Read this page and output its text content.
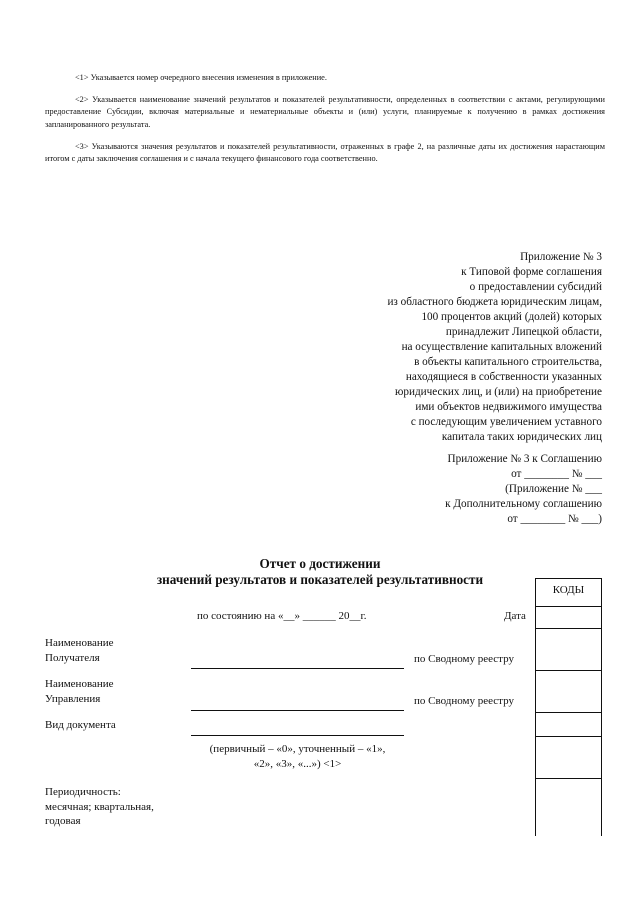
<1> Указывается номер очередного внесения изменения в приложение.

<2> Указывается наименование значений результатов и показателей результативности, определенных в соответствии с актами, регулирующими предоставление Субсидии, включая материальные и нематериальные объекты и (или) услуги, планируемые к получению в рамках достижения запланированного результата.

<3> Указываются значения результатов и показателей результативности, отраженных в графе 2, на различные даты их достижения нарастающим итогом с даты заключения соглашения и с начала текущего финансового года соответственно.

Приложение № 3
к Типовой форме соглашения
о предоставлении субсидий
из областного бюджета юридическим лицам,
100 процентов акций (долей) которых
принадлежит Липецкой области,
на осуществление капитальных вложений
в объекты капитального строительства,
находящиеся в собственности указанных
юридических лиц, и (или) на приобретение
ими объектов недвижимого имущества
с последующим увеличением уставного
капитала таких юридических лиц
Приложение № 3 к Соглашению
от ________ № ___
(Приложение № ___
к Дополнительному соглашению
от ________ № ___)
Отчет о достижении
значений результатов и показателей результативности
КОДЫ
по состоянию на «__» ______ 20__г.	Дата
Наименование
Получателя	по Сводному реестру
Наименование
Управления	по Сводному реестру
Вид документа
(первичный – «0», уточненный – «1»,
«2», «3», «...») <1>
Периодичность:
месячная; квартальная,
годовая
